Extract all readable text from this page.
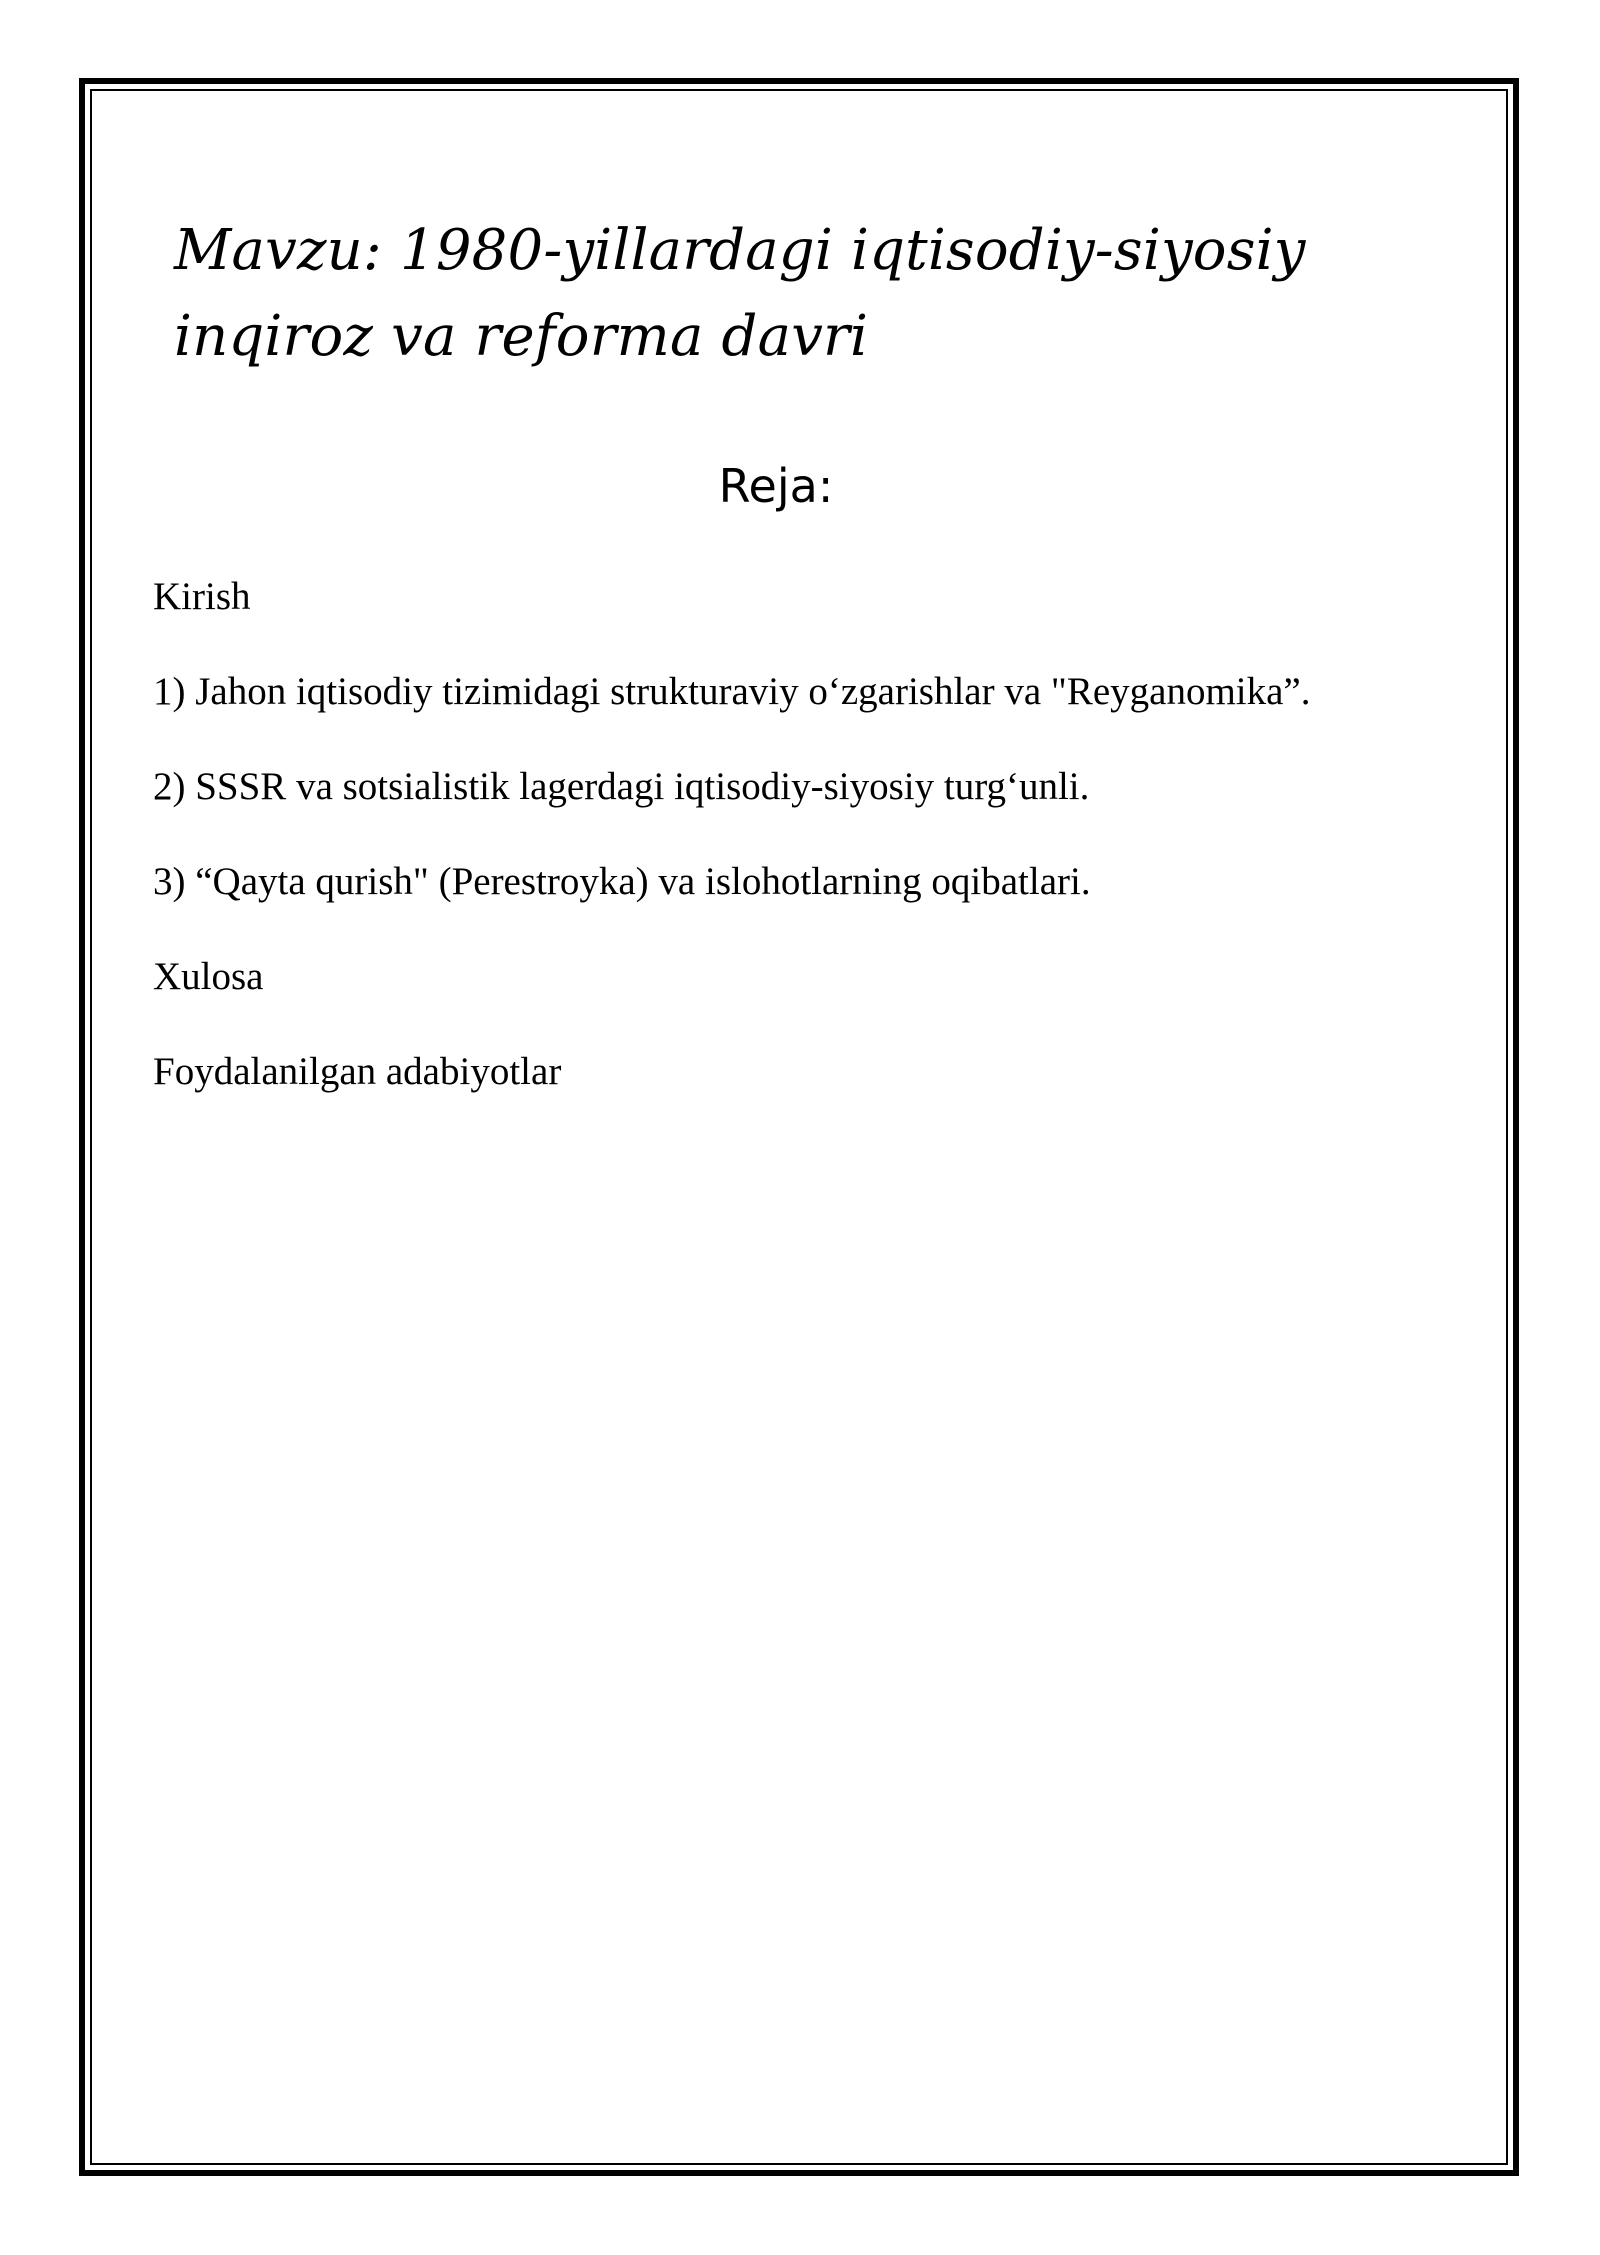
Mavzu: 1980-yillardagi iqtisodiy-siyosiy inqiroz va reforma davri
Reja:
Kirish
1) Jahon iqtisodiy tizimidagi strukturaviy o‘zgarishlar va "Reyganomika”.
2) SSSR va sotsialistik lagerdagi iqtisodiy-siyosiy turg‘unli.
3) “Qayta qurish" (Perestroyka) va islohotlarning oqibatlari.
Xulosa
Foydalanilgan adabiyotlar
